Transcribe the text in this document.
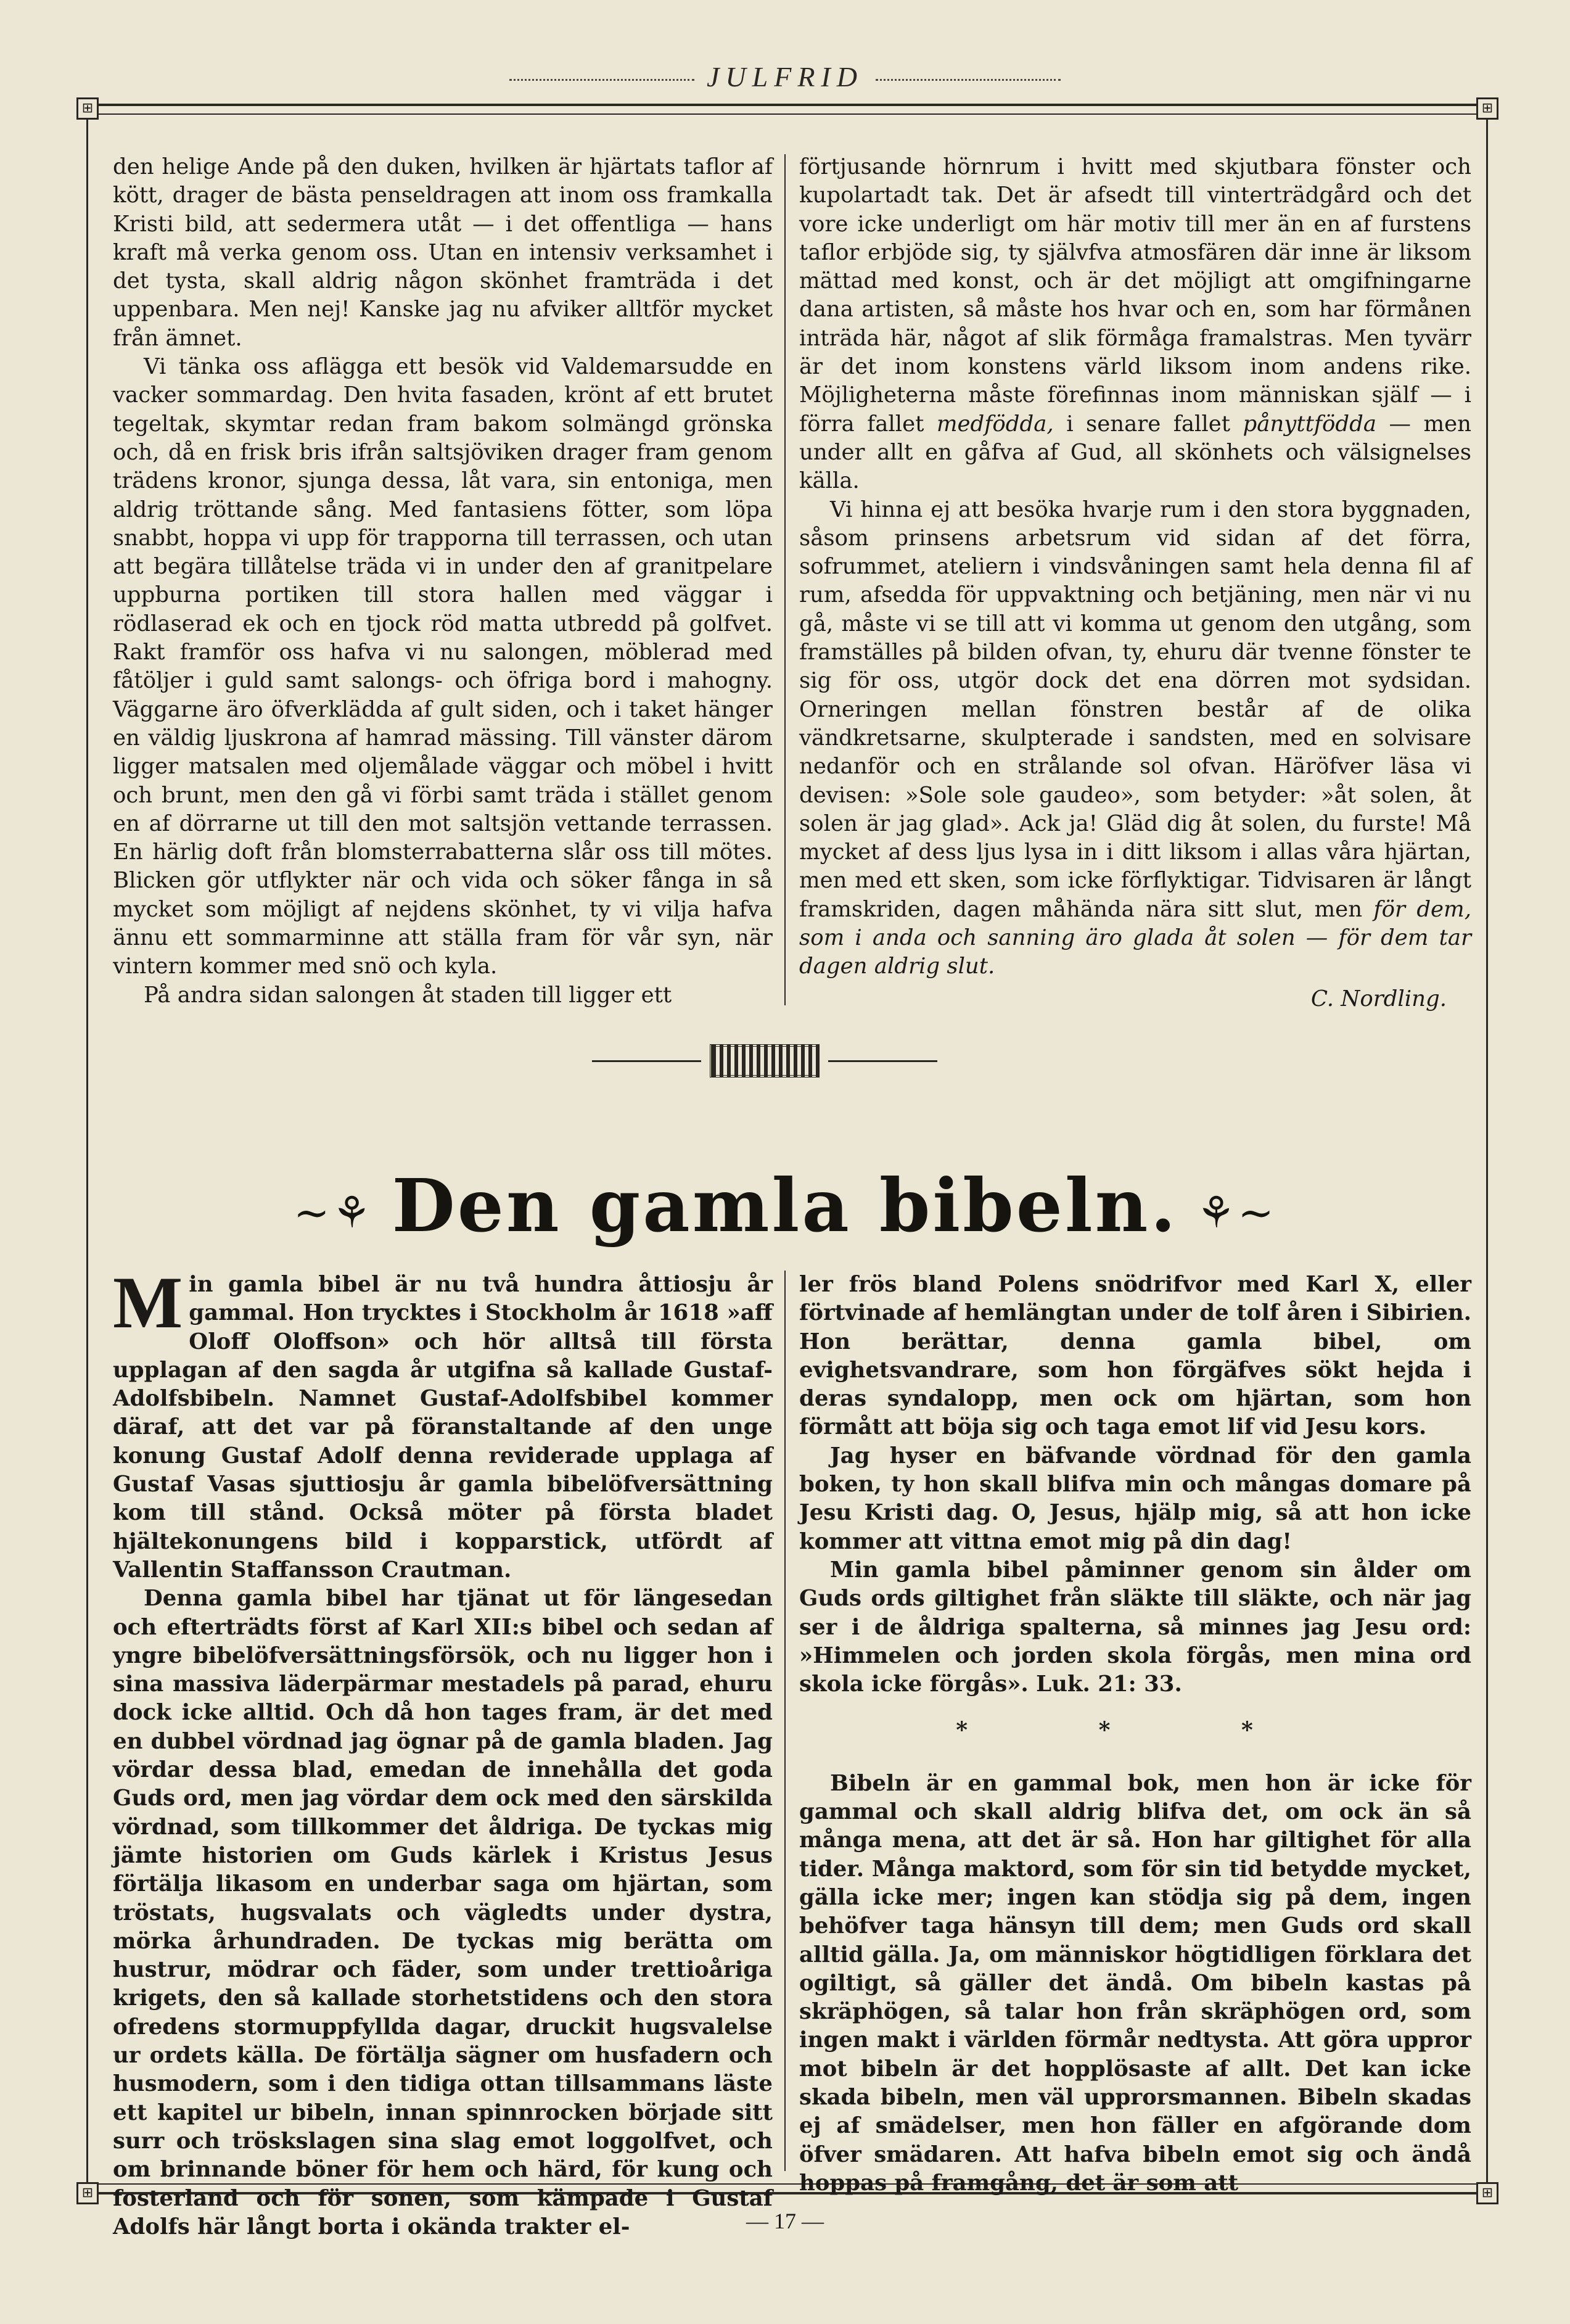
JULFRID
⊞	⊞
⊞	⊞

den helige Ande på den duken, hvilken är hjärtats taflor af kött, drager de bästa penseldragen att inom oss framkalla Kristi bild, att sedermera utåt — i det offentliga — hans kraft må verka genom oss. Utan en intensiv verksamhet i det tysta, skall aldrig någon skönhet framträda i det uppenbara. Men nej! Kanske jag nu afviker alltför mycket från ämnet.

Vi tänka oss aflägga ett besök vid Valdemarsudde en vacker sommardag. Den hvita fasaden, krönt af ett brutet tegeltak, skymtar redan fram bakom solmängd grönska och, då en frisk bris ifrån saltsjöviken drager fram genom trädens kronor, sjunga dessa, låt vara, sin entoniga, men aldrig tröttande sång. Med fantasiens fötter, som löpa snabbt, hoppa vi upp för trapporna till terrassen, och utan att begära tillåtelse träda vi in under den af granitpelare uppburna portiken till stora hallen med väggar i rödlaserad ek och en tjock röd matta utbredd på golfvet. Rakt framför oss hafva vi nu salongen, möblerad med fåtöljer i guld samt salongs- och öfriga bord i mahogny. Väggarne äro öfverklädda af gult siden, och i taket hänger en väldig ljuskrona af hamrad mässing. Till vänster därom ligger matsalen med oljemålade väggar och möbel i hvitt och brunt, men den gå vi förbi samt träda i stället genom en af dörrarne ut till den mot saltsjön vettande terrassen. En härlig doft från blomsterrabatterna slår oss till mötes. Blicken gör utflykter när och vida och söker fånga in så mycket som möjligt af nejdens skönhet, ty vi vilja hafva ännu ett sommarminne att ställa fram för vår syn, när vintern kommer med snö och kyla.

På andra sidan salongen åt staden till ligger ett

förtjusande hörnrum i hvitt med skjutbara fönster och kupolartadt tak. Det är afsedt till vinterträdgård och det vore icke underligt om här motiv till mer än en af furstens taflor erbjöde sig, ty självfva atmosfären där inne är liksom mättad med konst, och är det möjligt att omgifningarne dana artisten, så måste hos hvar och en, som har förmånen inträda här, något af slik förmåga framalstras. Men tyvärr är det inom konstens värld liksom inom andens rike. Möjligheterna måste förefinnas inom människan själf — i förra fallet medfödda, i senare fallet pånyttfödda — men under allt en gåfva af Gud, all skönhets och välsignelses källa.

Vi hinna ej att besöka hvarje rum i den stora byggnaden, såsom prinsens arbetsrum vid sidan af det förra, sofrummet, ateliern i vindsvåningen samt hela denna fil af rum, afsedda för uppvaktning och betjäning, men när vi nu gå, måste vi se till att vi komma ut genom den utgång, som framställes på bilden ofvan, ty, ehuru där tvenne fönster te sig för oss, utgör dock det ena dörren mot sydsidan. Orneringen mellan fönstren består af de olika vändkretsarne, skulpterade i sandsten, med en solvisare nedanför och en strålande sol ofvan. Häröfver läsa vi devisen: »Sole sole gaudeo», som betyder: »åt solen, åt solen är jag glad». Ack ja! Gläd dig åt solen, du furste! Må mycket af dess ljus lysa in i ditt liksom i allas våra hjärtan, men med ett sken, som icke förflyktigar. Tidvisaren är långt framskriden, dagen måhända nära sitt slut, men för dem, som i anda och sanning äro glada åt solen — för dem tar dagen aldrig slut.

C. Nordling.
~⚘ Den gamla bibeln. ⚘~

Min gamla bibel är nu två hundra åttiosju år gammal. Hon trycktes i Stockholm år 1618 »aff Oloff Oloffson» och hör alltså till första upplagan af den sagda år utgifna så kallade Gustaf-Adolfsbibeln. Namnet Gustaf-Adolfsbibel kommer däraf, att det var på föranstaltande af den unge konung Gustaf Adolf denna reviderade upplaga af Gustaf Vasas sjuttiosju år gamla bibelöfversättning kom till stånd. Också möter på första bladet hjältekonungens bild i kopparstick, utfördt af Vallentin Staffansson Crautman.

Denna gamla bibel har tjänat ut för längesedan och efterträdts först af Karl XII:s bibel och sedan af yngre bibelöfversättningsförsök, och nu ligger hon i sina massiva läderpärmar mestadels på parad, ehuru dock icke alltid. Och då hon tages fram, är det med en dubbel vördnad jag ögnar på de gamla bladen. Jag vördar dessa blad, emedan de innehålla det goda Guds ord, men jag vördar dem ock med den särskilda vördnad, som tillkommer det åldriga. De tyckas mig jämte historien om Guds kärlek i Kristus Jesus förtälja likasom en underbar saga om hjärtan, som tröstats, hugsvalats och vägledts under dystra, mörka århundraden. De tyckas mig berätta om hustrur, mödrar och fäder, som under trettioåriga krigets, den så kallade storhetstidens och den stora ofredens stormuppfyllda dagar, druckit hugsvalelse ur ordets källa. De förtälja sägner om husfadern och husmodern, som i den tidiga ottan tillsammans läste ett kapitel ur bibeln, innan spinnrocken började sitt surr och tröskslagen sina slag emot loggolfvet, och om brinnande böner för hem och härd, för kung och fosterland och för sonen, som kämpade i Gustaf Adolfs här långt borta i okända trakter el-

ler frös bland Polens snödrifvor med Karl X, eller förtvinade af hemlängtan under de tolf åren i Sibirien. Hon berättar, denna gamla bibel, om evighetsvandrare, som hon förgäfves sökt hejda i deras syndalopp, men ock om hjärtan, som hon förmått att böja sig och taga emot lif vid Jesu kors.

Jag hyser en bäfvande vördnad för den gamla boken, ty hon skall blifva min och mångas domare på Jesu Kristi dag. O, Jesus, hjälp mig, så att hon icke kommer att vittna emot mig på din dag!

Min gamla bibel påminner genom sin ålder om Guds ords giltighet från släkte till släkte, och när jag ser i de åldriga spalterna, så minnes jag Jesu ord: »Himmelen och jorden skola förgås, men mina ord skola icke förgås». Luk. 21: 33.

* * *

Bibeln är en gammal bok, men hon är icke för gammal och skall aldrig blifva det, om ock än så många mena, att det är så. Hon har giltighet för alla tider. Många maktord, som för sin tid betydde mycket, gälla icke mer; ingen kan stödja sig på dem, ingen behöfver taga hänsyn till dem; men Guds ord skall alltid gälla. Ja, om människor högtidligen förklara det ogiltigt, så gäller det ändå. Om bibeln kastas på skräphögen, så talar hon från skräphögen ord, som ingen makt i världen förmår nedtysta. Att göra uppror mot bibeln är det hopplösaste af allt. Det kan icke skada bibeln, men väl upprorsmannen. Bibeln skadas ej af smädelser, men hon fäller en afgörande dom öfver smädaren. Att hafva bibeln emot sig och ändå hoppas på framgång, det är som att

— 17 —
